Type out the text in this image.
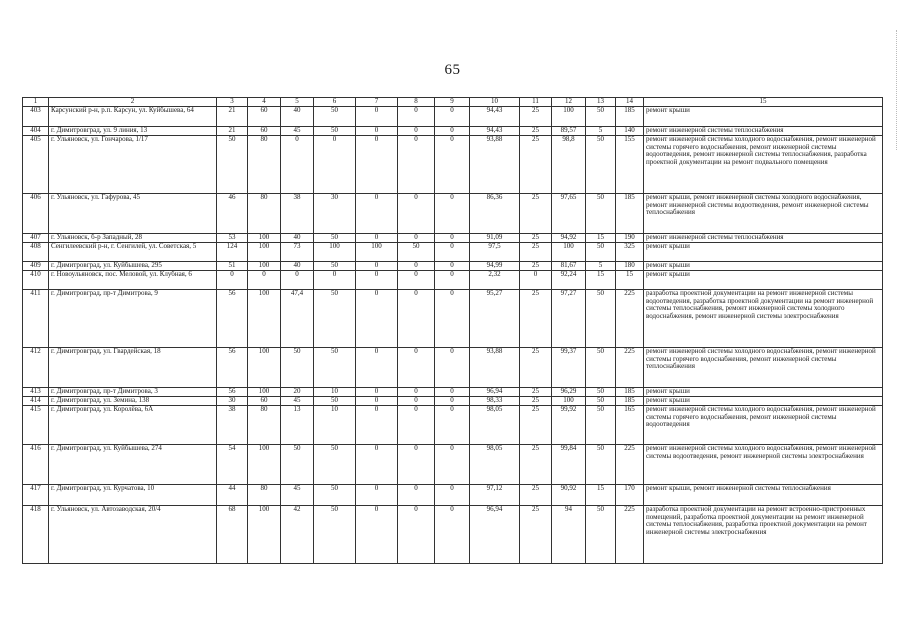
65
1	2	3	4	5	6	7	8	9	10	11	12	13	14	15
403	Карсунский р-н, р.п. Карсун, ул. Куйбышева, 64	21	60	40	50	0	0	0	94,43	25	100	50	185	ремонт крыши
404	г. Димитровград, ул. 9 линия, 13	21	60	45	50	0	0	0	94,43	25	89,57	5	140	ремонт инженерной системы теплоснабжения
405	г. Ульяновск, ул. Гончарова, 1/17	50	80	0	0	0	0	0	93,88	25	98,8	50	155	ремонт инженерной системы холодного водоснабжения, ремонт инженерной системы горячего водоснабжения, ремонт инженерной системы водоотведения, ремонт инженерной системы теплоснабжения, разработка проектной документации на ремонт подвального помещения
406	г. Ульяновск, ул. Гафурова, 45	46	80	38	30	0	0	0	86,36	25	97,65	50	185	ремонт крыши, ремонт инженерной системы холодного водоснабжения, ремонт инженерной системы водоотведения, ремонт инженерной системы теплоснабжения
407	г. Ульяновск, б-р Западный, 28	53	100	40	50	0	0	0	91,09	25	94,92	15	190	ремонт инженерной системы теплоснабжения
408	Сенгилеевский р-н, г. Сенгилей, ул. Советская, 5	124	100	73	100	100	50	0	97,5	25	100	50	325	ремонт крыши
409	г. Димитровград, ул. Куйбышева, 295	51	100	40	50	0	0	0	94,99	25	81,67	5	180	ремонт крыши
410	г. Новоульяновск, пос. Меловой, ул. Клубная, 6	0	0	0	0	0	0	0	2,32	0	92,24	15	15	ремонт крыши
411	г. Димитровград, пр-т Димитрова, 9	56	100	47,4	50	0	0	0	95,27	25	97,27	50	225	разработка проектной документации на ремонт инженерной системы водоотведения, разработка проектной документации на ремонт инженерной системы теплоснабжения, ремонт инженерной системы холодного водоснабжения, ремонт инженерной системы электроснабжения
412	г. Димитровград, ул. Гвардейская, 18	56	100	50	50	0	0	0	93,88	25	99,37	50	225	ремонт инженерной системы холодного водоснабжения, ремонт инженерной системы горячего водоснабжения, ремонт инженерной системы теплоснабжения
413	г. Димитровград, пр-т Димитрова, 3	56	100	20	10	0	0	0	96,94	25	96,29	50	185	ремонт крыши
414	г. Димитровград, ул. Земина, 138	30	60	45	50	0	0	0	98,33	25	100	50	185	ремонт крыши
415	г. Димитровград, ул. Королёва, 6А	38	80	13	10	0	0	0	98,05	25	99,92	50	165	ремонт инженерной системы холодного водоснабжения, ремонт инженерной системы горячего водоснабжения, ремонт инженерной системы водоотведения
416	г. Димитровград, ул. Куйбышева, 274	54	100	50	50	0	0	0	98,05	25	99,84	50	225	ремонт инженерной системы холодного водоснабжения, ремонт инженерной системы водоотведения, ремонт инженерной системы электроснабжения
417	г. Димитровград, ул. Курчатова, 10	44	80	45	50	0	0	0	97,12	25	90,92	15	170	ремонт крыши, ремонт инженерной системы теплоснабжения
418	г. Ульяновск, ул. Автозаводская, 20/4	68	100	42	50	0	0	0	96,94	25	94	50	225	разработка проектной документации на ремонт встроенно-пристроенных помещений, разработка проектной документации на ремонт инженерной системы теплоснабжения, разработка проектной документации на ремонт инженерной системы электроснабжения
